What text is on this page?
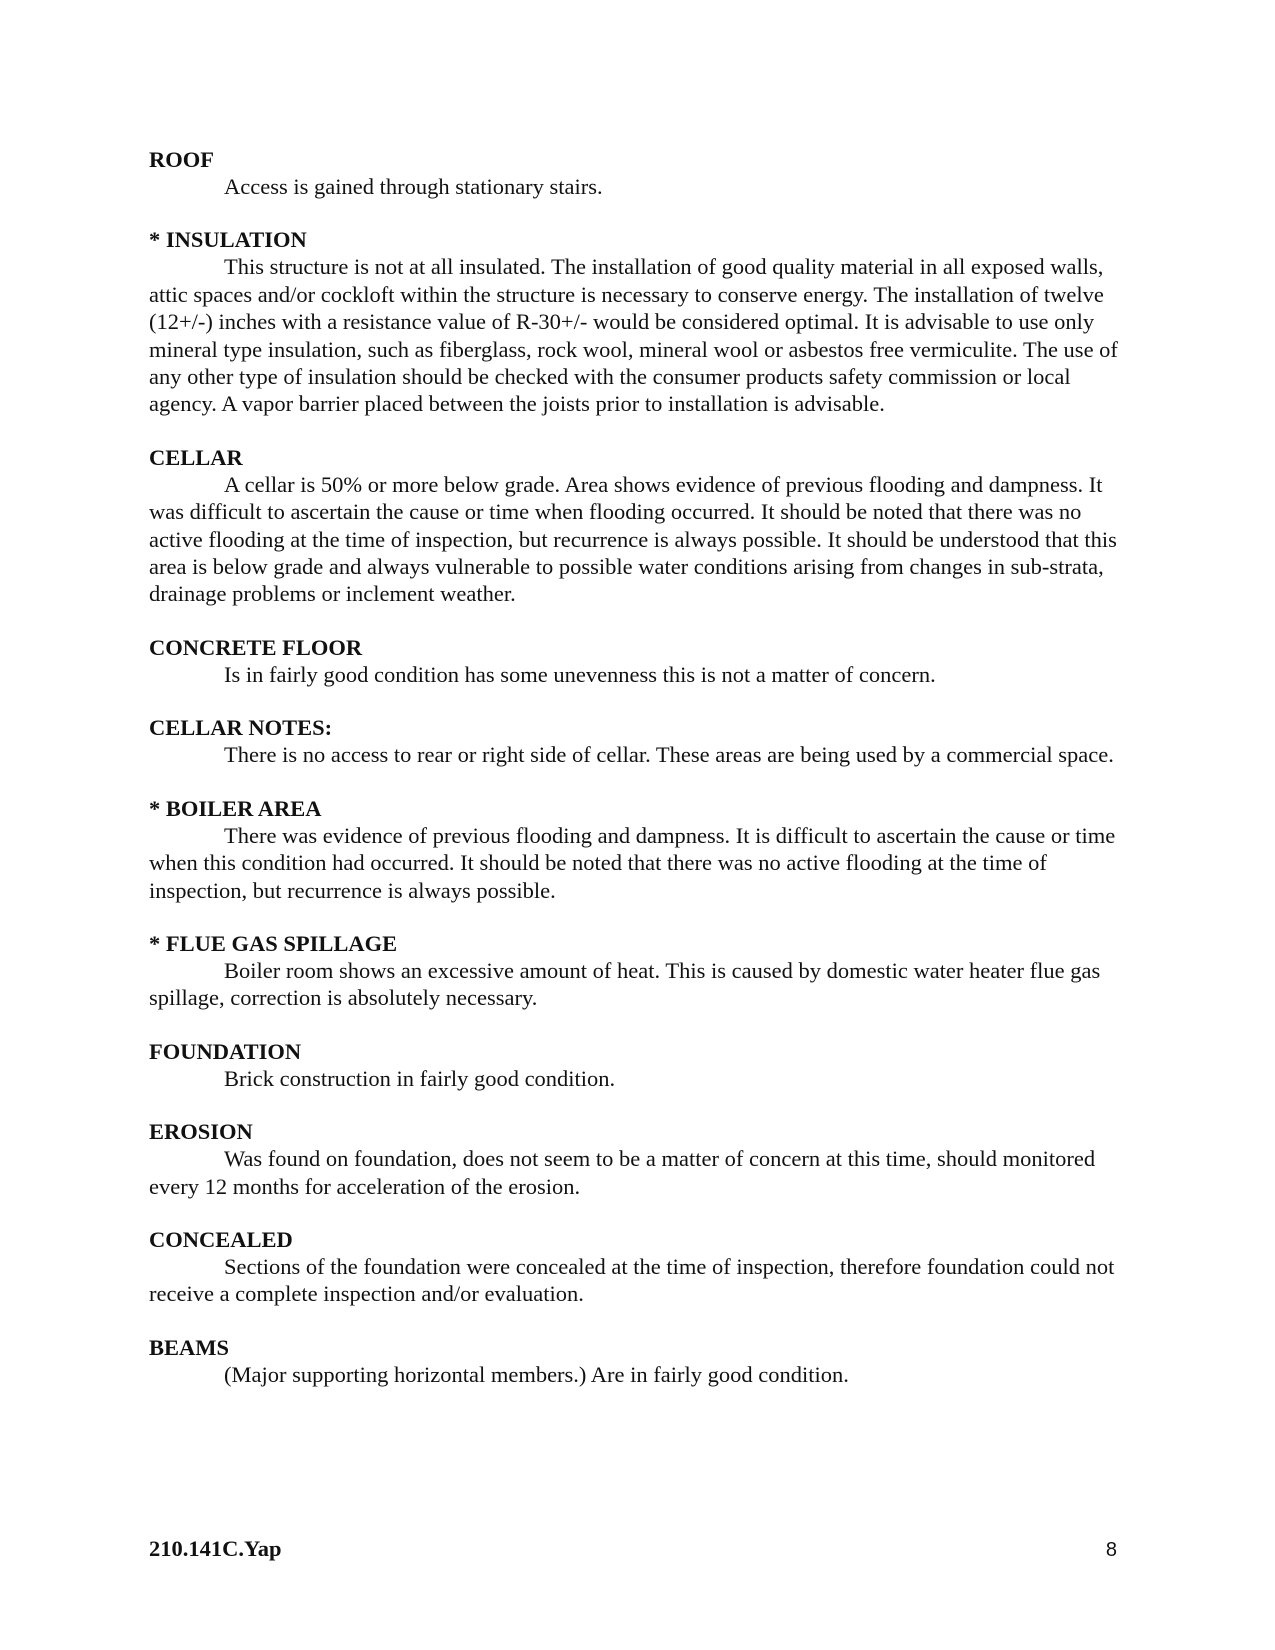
ROOF

Access is gained through stationary stairs.

* INSULATION

This structure is not at all insulated. The installation of good quality material in all exposed walls, attic spaces and/or cockloft within the structure is necessary to conserve energy. The installation of twelve (12+/-) inches with a resistance value of R-30+/- would be considered optimal. It is advisable to use only mineral type insulation, such as fiberglass, rock wool, mineral wool or asbestos free vermiculite. The use of any other type of insulation should be checked with the consumer products safety commission or local agency. A vapor barrier placed between the joists prior to installation is advisable.

CELLAR

A cellar is 50% or more below grade. Area shows evidence of previous flooding and dampness. It was difficult to ascertain the cause or time when flooding occurred. It should be noted that there was no active flooding at the time of inspection, but recurrence is always possible. It should be understood that this area is below grade and always vulnerable to possible water conditions arising from changes in sub-strata, drainage problems or inclement weather.

CONCRETE FLOOR

Is in fairly good condition has some unevenness this is not a matter of concern.

CELLAR NOTES:

There is no access to rear or right side of cellar. These areas are being used by a commercial space.

* BOILER AREA

There was evidence of previous flooding and dampness. It is difficult to ascertain the cause or time when this condition had occurred. It should be noted that there was no active flooding at the time of inspection, but recurrence is always possible.

* FLUE GAS SPILLAGE

Boiler room shows an excessive amount of heat. This is caused by domestic water heater flue gas spillage, correction is absolutely necessary.

FOUNDATION

Brick construction in fairly good condition.

EROSION

Was found on foundation, does not seem to be a matter of concern at this time, should monitored every 12 months for acceleration of the erosion.

CONCEALED

Sections of the foundation were concealed at the time of inspection, therefore foundation could not receive a complete inspection and/or evaluation.

BEAMS

(Major supporting horizontal members.) Are in fairly good condition.

210.141C.Yap	8
